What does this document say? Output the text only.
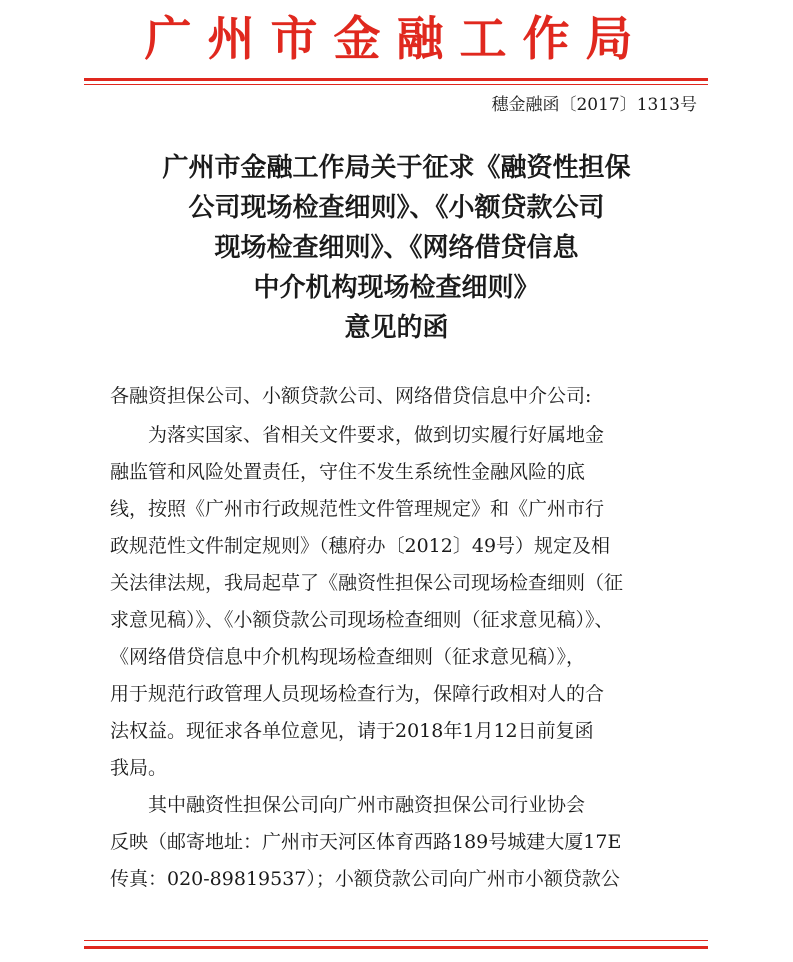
广州市金融工作局
穗金融函〔2017〕1313号
广州市金融工作局关于征求《融资性担保
公司现场检查细则》、《小额贷款公司
现场检查细则》、《网络借贷信息
中介机构现场检查细则》
意见的函
各融资担保公司、小额贷款公司、网络借贷信息中介公司:
为落实国家、省相关文件要求，做到切实履行好属地金
融监管和风险处置责任，守住不发生系统性金融风险的底
线，按照《广州市行政规范性文件管理规定》和《广州市行
政规范性文件制定规则》（穗府办〔2012〕49号）规定及相
关法律法规，我局起草了《融资性担保公司现场检查细则（征
求意见稿）》、《小额贷款公司现场检查细则（征求意见稿）》、
《网络借贷信息中介机构现场检查细则（征求意见稿）》，
用于规范行政管理人员现场检查行为，保障行政相对人的合
法权益。现征求各单位意见，请于2018年1月12日前复函
我局。
其中融资性担保公司向广州市融资担保公司行业协会
反映（邮寄地址：广州市天河区体育西路189号城建大厦17E
传真：020-89819537）；小额贷款公司向广州市小额贷款公
